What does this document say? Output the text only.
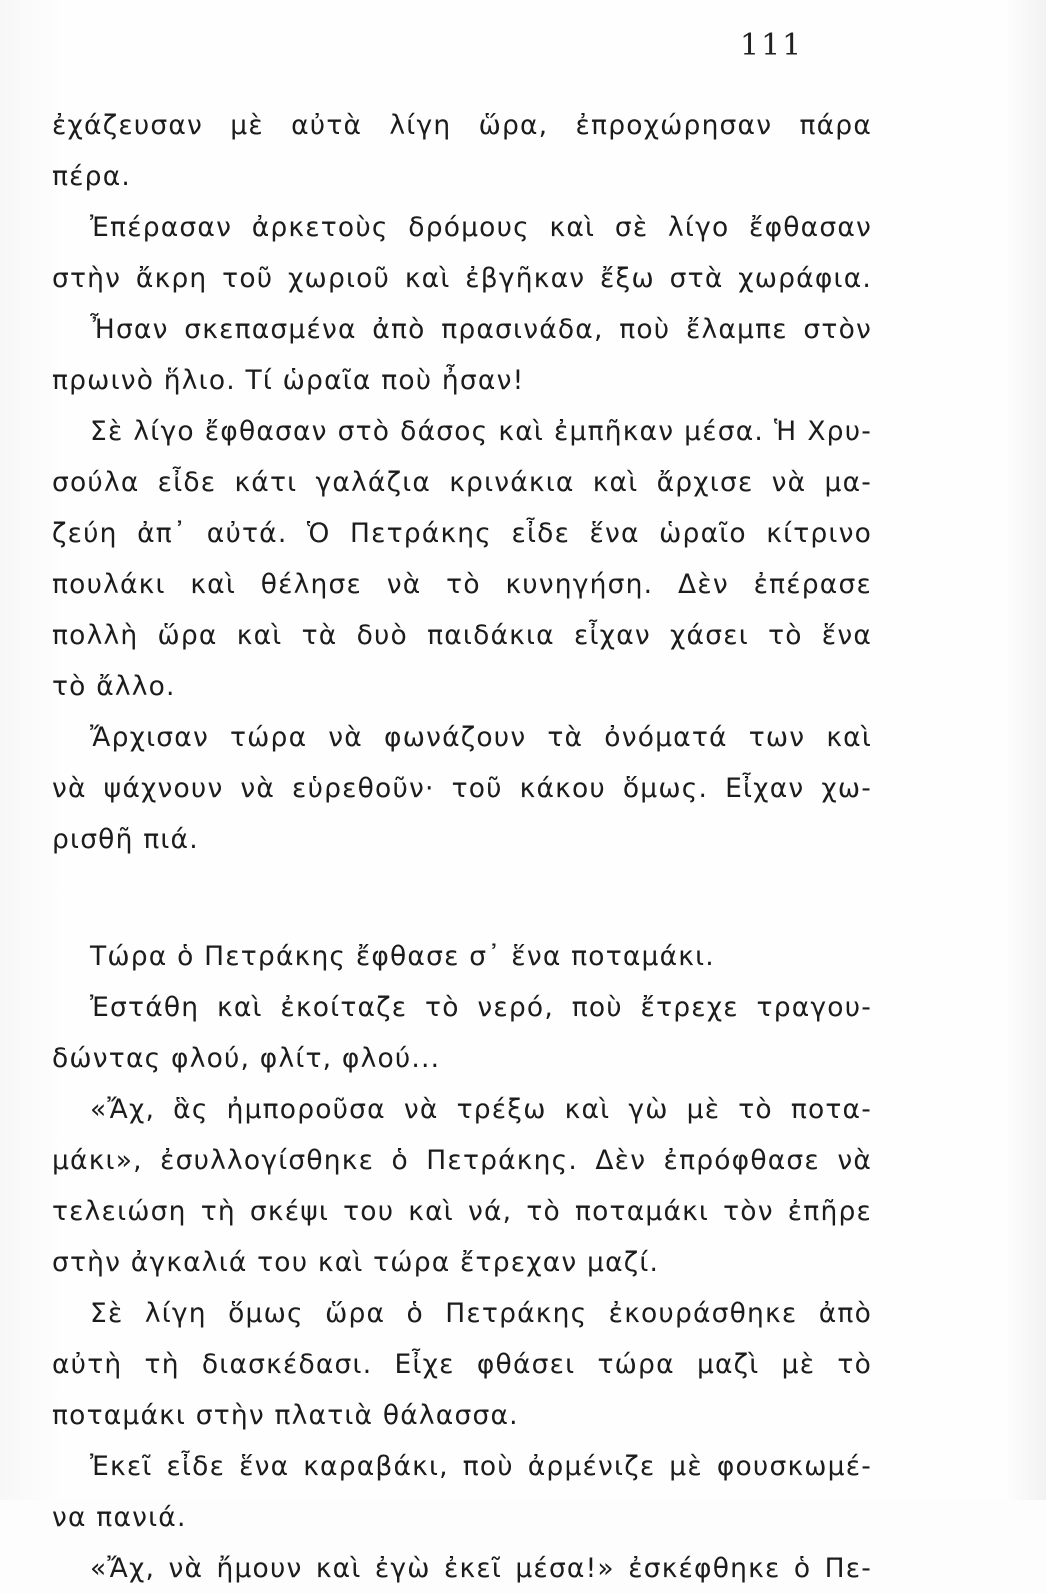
111
ἐχάζευσαν μὲ αὐτὰ λίγη ὥρα, ἐπροχώρησαν πάρα
πέρα.
Ἐπέρασαν ἀρκετοὺς δρόμους καὶ σὲ λίγο ἔφθασαν
στὴν ἄκρη τοῦ χωριοῦ καὶ ἐβγῆκαν ἔξω στὰ χωράφια.
Ἦσαν σκεπασμένα ἀπὸ πρασινάδα, ποὺ ἔλαμπε στὸν
πρωινὸ ἥλιο. Τί ὡραῖα ποὺ ἦσαν!
Σὲ λίγο ἔφθασαν στὸ δάσος καὶ ἐμπῆκαν μέσα. Ἡ Χρυ-
σούλα εἶδε κάτι γαλάζια κρινάκια καὶ ἄρχισε νὰ μα-
ζεύη ἀπ᾽ αὐτά. Ὁ Πετράκης εἶδε ἕνα ὡραῖο κίτρινο
πουλάκι καὶ θέλησε νὰ τὸ κυνηγήση. Δὲν ἐπέρασε
πολλὴ ὥρα καὶ τὰ δυὸ παιδάκια εἶχαν χάσει τὸ ἕνα
τὸ ἄλλο.
Ἄρχισαν τώρα νὰ φωνάζουν τὰ ὀνόματά των καὶ
νὰ ψάχνουν νὰ εὑρεθοῦν· τοῦ κάκου ὅμως. Εἶχαν χω-
ρισθῆ πιά.
Τώρα ὁ Πετράκης ἔφθασε σ᾽ ἕνα ποταμάκι.
Ἐστάθη καὶ ἐκοίταζε τὸ νερό, ποὺ ἔτρεχε τραγου-
δώντας φλού, φλίτ, φλού...
«Ἄχ, ἃς ἠμποροῦσα νὰ τρέξω καὶ γὼ μὲ τὸ ποτα-
μάκι», ἐσυλλογίσθηκε ὁ Πετράκης. Δὲν ἐπρόφθασε νὰ
τελειώση τὴ σκέψι του καὶ νά, τὸ ποταμάκι τὸν ἐπῆρε
στὴν ἀγκαλιά του καὶ τώρα ἔτρεχαν μαζί.
Σὲ λίγη ὅμως ὥρα ὁ Πετράκης ἐκουράσθηκε ἀπὸ
αὐτὴ τὴ διασκέδασι. Εἶχε φθάσει τώρα μαζὶ μὲ τὸ
ποταμάκι στὴν πλατιὰ θάλασσα.
Ἐκεῖ εἶδε ἕνα καραβάκι, ποὺ ἀρμένιζε μὲ φουσκωμέ-
να πανιά.
«Ἄχ, νὰ ἤμουν καὶ ἐγὼ ἐκεῖ μέσα!» ἐσκέφθηκε ὁ Πε-
